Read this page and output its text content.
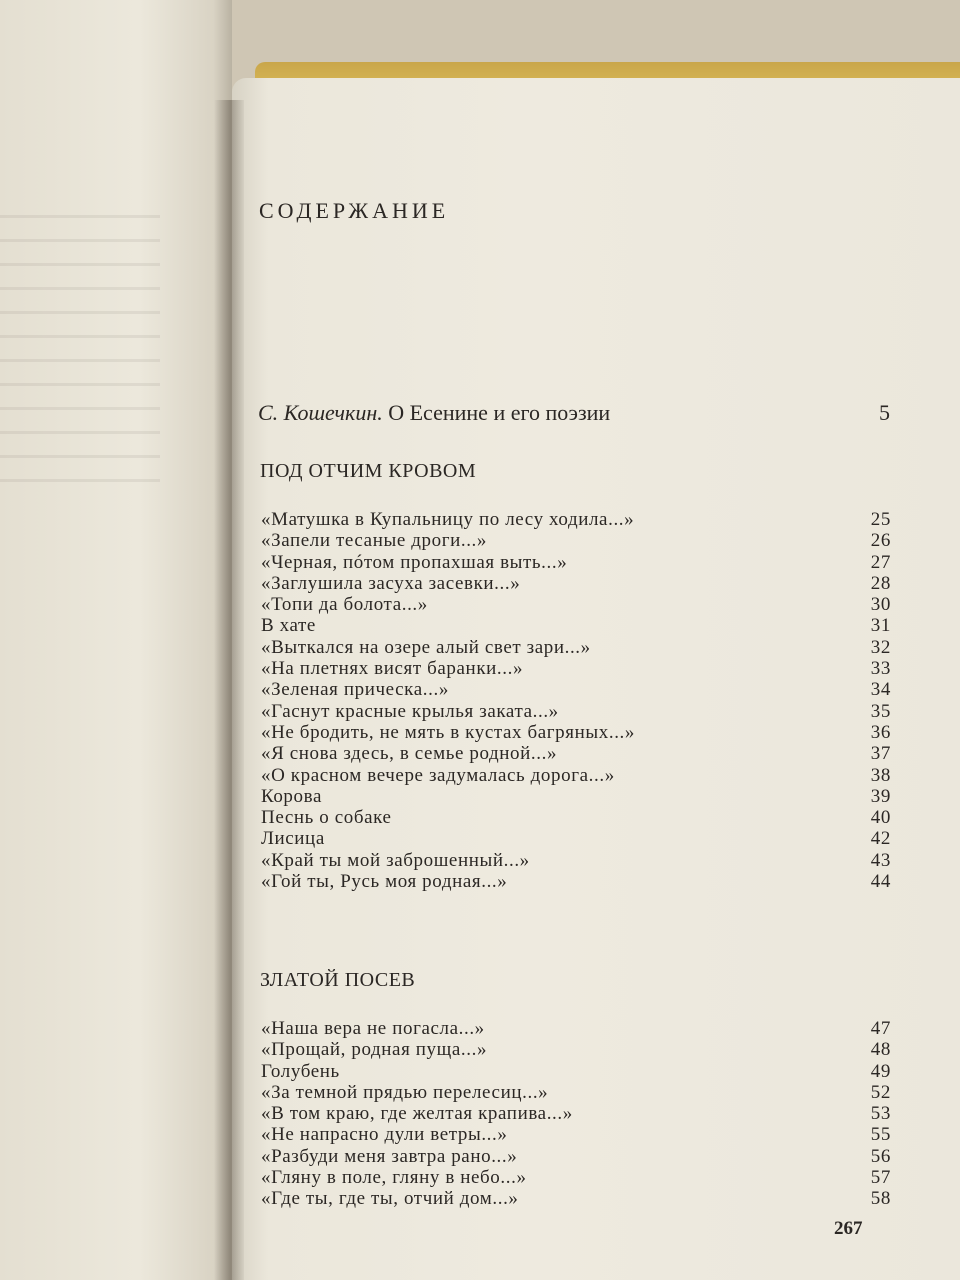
СОДЕРЖАНИЕ
С. Кошечкин. О Есенине и его поэзии	5
ПОД ОТЧИМ КРОВОМ
«Матушка в Купальницу по лесу ходила...»	25
«Запели тесаные дроги...»	26
«Черная, пóтом пропахшая выть...»	27
«Заглушила засуха засевки...»	28
«Топи да болота...»	30
В хате	31
«Выткался на озере алый свет зари...»	32
«На плетнях висят баранки...»	33
«Зеленая прическа...»	34
«Гаснут красные крылья заката...»	35
«Не бродить, не мять в кустах багряных...»	36
«Я снова здесь, в семье родной...»	37
«О красном вечере задумалась дорога...»	38
Корова	39
Песнь о собаке	40
Лисица	42
«Край ты мой заброшенный...»	43
«Гой ты, Русь моя родная...»	44
ЗЛАТОЙ ПОСЕВ
«Наша вера не погасла...»	47
«Прощай, родная пуща...»	48
Голубень	49
«За темной прядью перелесиц...»	52
«В том краю, где желтая крапива...»	53
«Не напрасно дули ветры...»	55
«Разбуди меня завтра рано...»	56
«Гляну в поле, гляну в небо...»	57
«Где ты, где ты, отчий дом...»	58
267
